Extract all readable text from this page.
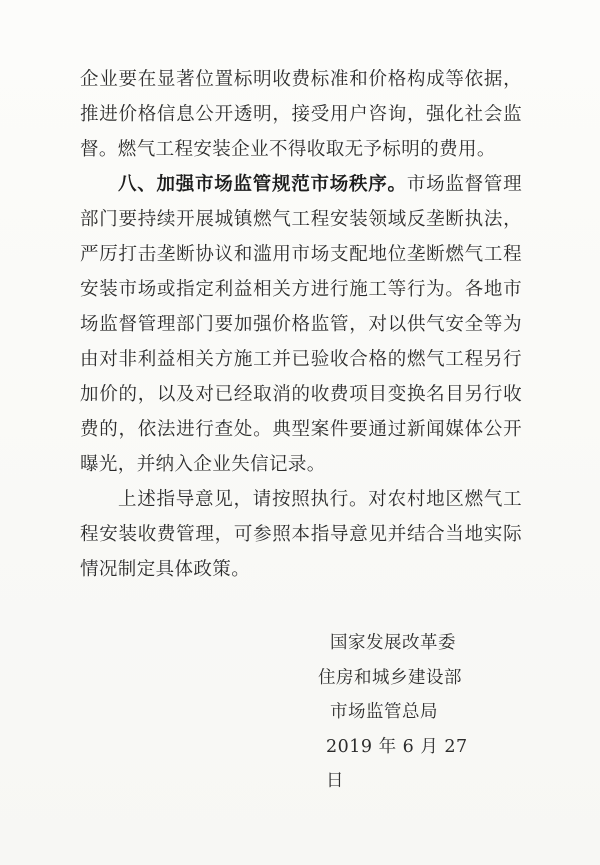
企业要在显著位置标明收费标准和价格构成等依据，推进价格信息公开透明，接受用户咨询，强化社会监督。燃气工程安装企业不得收取无予标明的费用。

八、加强市场监管规范市场秩序。市场监督管理部门要持续开展城镇燃气工程安装领域反垄断执法，严厉打击垄断协议和滥用市场支配地位垄断燃气工程安装市场或指定利益相关方进行施工等行为。各地市场监督管理部门要加强价格监管，对以供气安全等为由对非利益相关方施工并已验收合格的燃气工程另行加价的，以及对已经取消的收费项目变换名目另行收费的，依法进行查处。典型案件要通过新闻媒体公开曝光，并纳入企业失信记录。

上述指导意见，请按照执行。对农村地区燃气工程安装收费管理，可参照本指导意见并结合当地实际情况制定具体政策。

国家发展改革委
住房和城乡建设部
市场监管总局
2019 年 6 月 27 日
